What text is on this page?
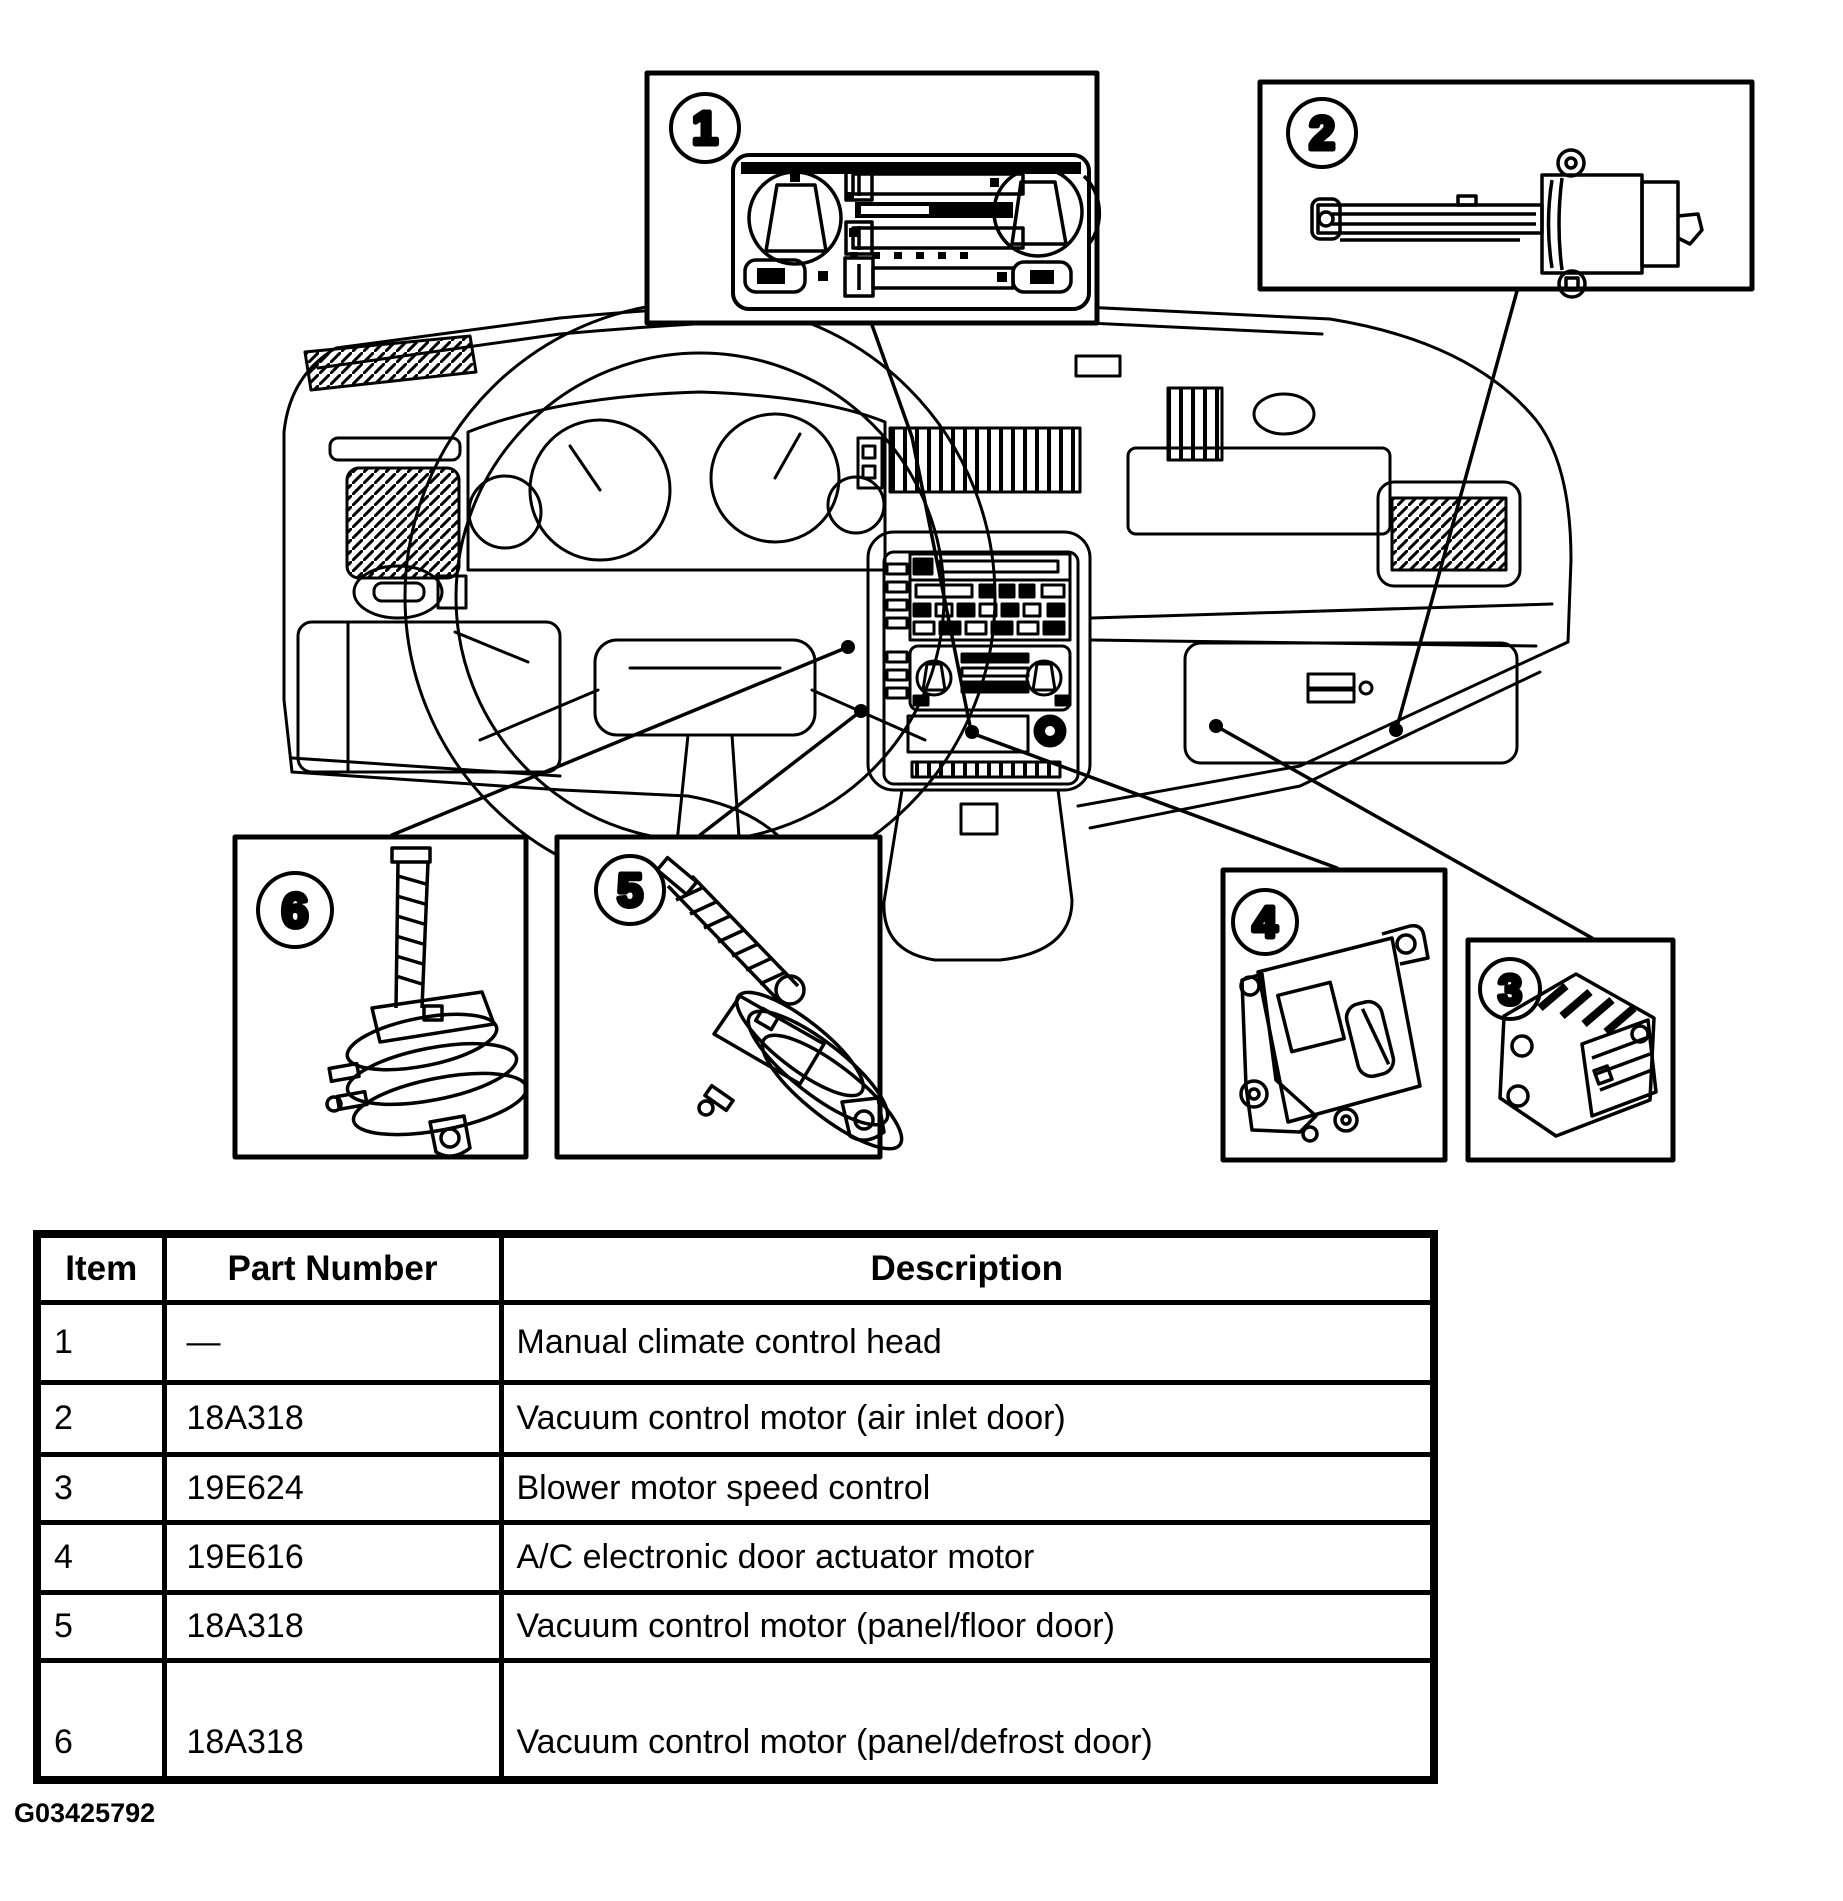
1	2
6	5
4
3
Item	Part Number	Description
1	—	Manual climate control head
2	18A318	Vacuum control motor (air inlet door)
3	19E624	Blower motor speed control
4	19E616	A/C electronic door actuator motor
5	18A318	Vacuum control motor (panel/floor door)
6	18A318	Vacuum control motor (panel/defrost door)
G03425792
